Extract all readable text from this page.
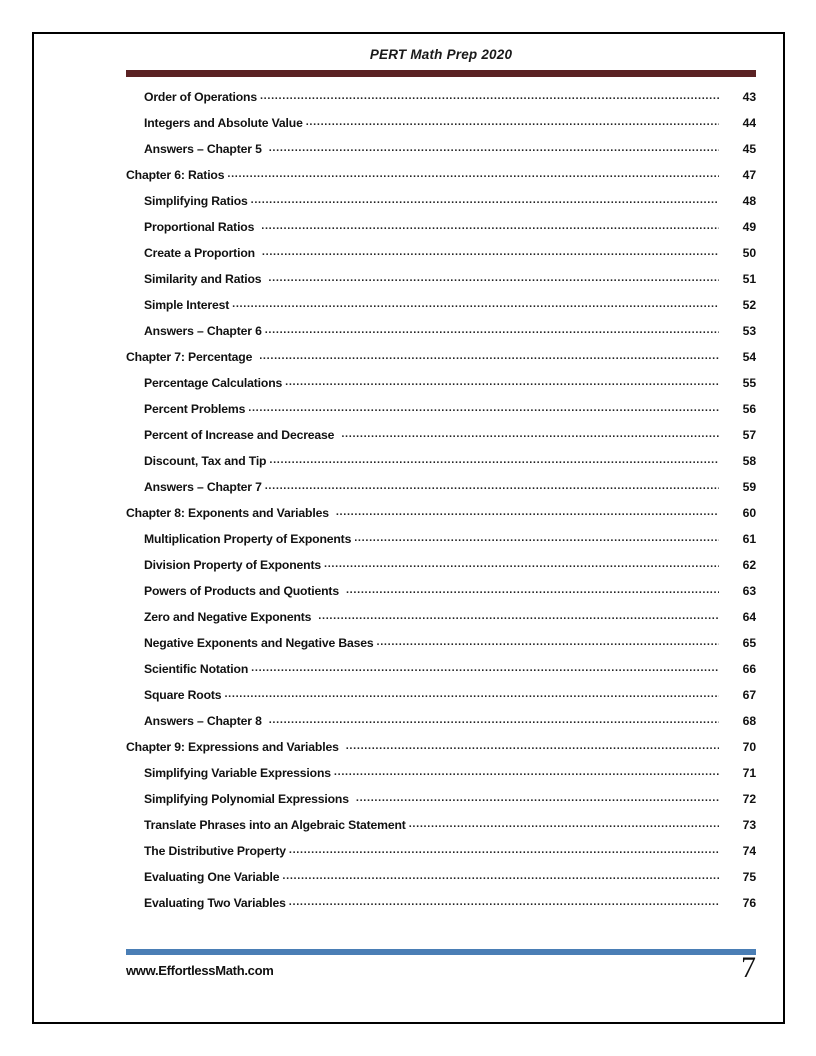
PERT Math Prep 2020
Order of Operations . . .	43
Integers and Absolute Value . . .	44
Answers – Chapter 5 . . .	45
Chapter 6: Ratios . . .	47
Simplifying Ratios . . .	48
Proportional Ratios . . .	49
Create a Proportion . . .	50
Similarity and Ratios . . .	51
Simple Interest . . .	52
Answers – Chapter 6 . . .	53
Chapter 7: Percentage . . .	54
Percentage Calculations . . .	55
Percent Problems . . .	56
Percent of Increase and Decrease . . .	57
Discount, Tax and Tip . . .	58
Answers – Chapter 7 . . .	59
Chapter 8: Exponents and Variables . . .	60
Multiplication Property of Exponents . . .	61
Division Property of Exponents . . .	62
Powers of Products and Quotients . . .	63
Zero and Negative Exponents . . .	64
Negative Exponents and Negative Bases . . .	65
Scientific Notation . . .	66
Square Roots . . .	67
Answers – Chapter 8 . . .	68
Chapter 9: Expressions and Variables . . .	70
Simplifying Variable Expressions . . .	71
Simplifying Polynomial Expressions . . .	72
Translate Phrases into an Algebraic Statement . . .	73
The Distributive Property . . .	74
Evaluating One Variable . . .	75
Evaluating Two Variables . . .	76
www.EffortlessMath.com	7
